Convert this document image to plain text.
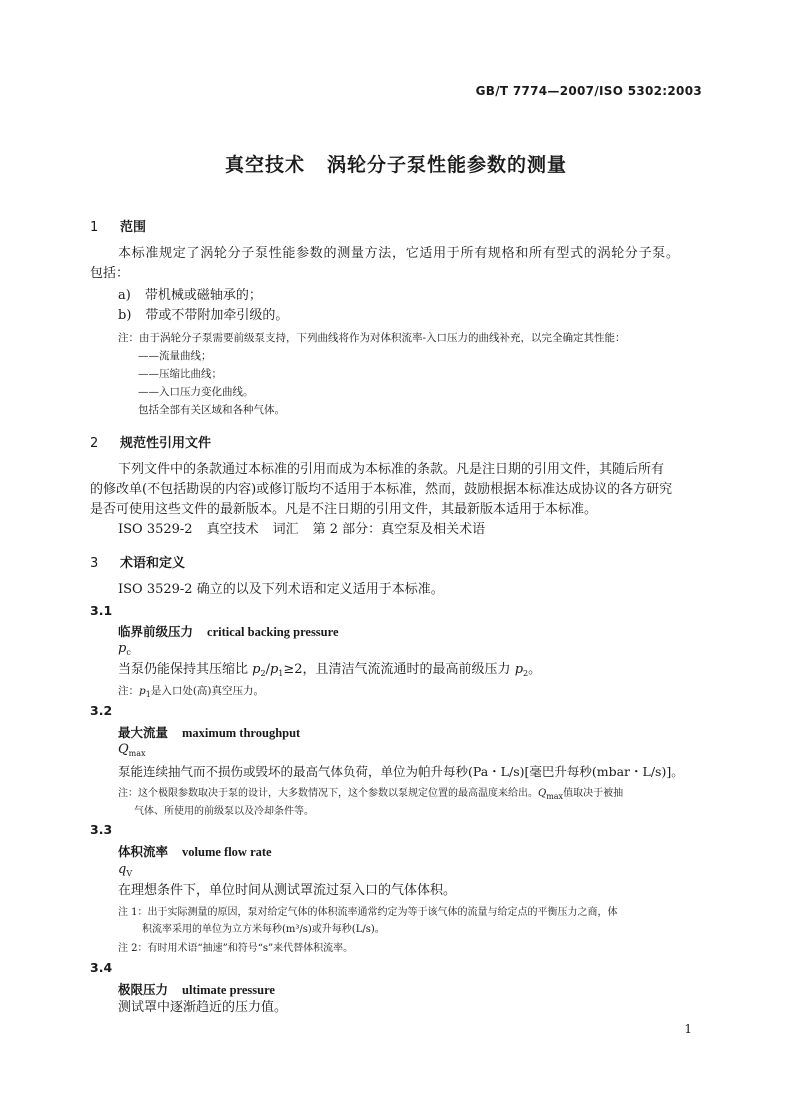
GB/T 7774—2007/ISO 5302:2003
真空技术 涡轮分子泵性能参数的测量
1 范围
本标准规定了涡轮分子泵性能参数的测量方法，它适用于所有规格和所有型式的涡轮分子泵。
包括：
a) 带机械或磁轴承的；
b) 带或不带附加牵引级的。
注：由于涡轮分子泵需要前级泵支持，下列曲线将作为对体积流率-入口压力的曲线补充，以完全确定其性能：
——流量曲线；
——压缩比曲线；
——入口压力变化曲线。
包括全部有关区域和各种气体。
2 规范性引用文件
下列文件中的条款通过本标准的引用而成为本标准的条款。凡是注日期的引用文件，其随后所有
的修改单(不包括勘误的内容)或修订版均不适用于本标准，然而，鼓励根据本标准达成协议的各方研究
是否可使用这些文件的最新版本。凡是不注日期的引用文件，其最新版本适用于本标准。
ISO 3529-2 真空技术 词汇 第 2 部分：真空泵及相关术语
3 术语和定义
ISO 3529-2 确立的以及下列术语和定义适用于本标准。
3.1
临界前级压力 critical backing pressure
$p_c$
当泵仍能保持其压缩比 $p_2/p_1\ge 2$，且清洁气流流通时的最高前级压力 $p_2$。
注：$p_1$是入口处(高)真空压力。
3.2
最大流量 maximum throughput
$Q_{max}$
泵能连续抽气而不损伤或毁坏的最高气体负荷，单位为帕升每秒(Pa・L/s)[毫巴升每秒(mbar・L/s)]。
注：这个极限参数取决于泵的设计，大多数情况下，这个参数以泵规定位置的最高温度来给出。$Q_{max}$值取决于被抽
气体、所使用的前级泵以及冷却条件等。
3.3
体积流率 volume flow rate
$q_V$
在理想条件下，单位时间从测试罩流过泵入口的气体体积。
注 1：出于实际测量的原因，泵对给定气体的体积流率通常约定为等于该气体的流量与给定点的平衡压力之商，体
积流率采用的单位为立方米每秒(m³/s)或升每秒(L/s)。
注 2：有时用术语“抽速”和符号“s”来代替体积流率。
3.4
极限压力 ultimate pressure
测试罩中逐渐趋近的压力值。
1
